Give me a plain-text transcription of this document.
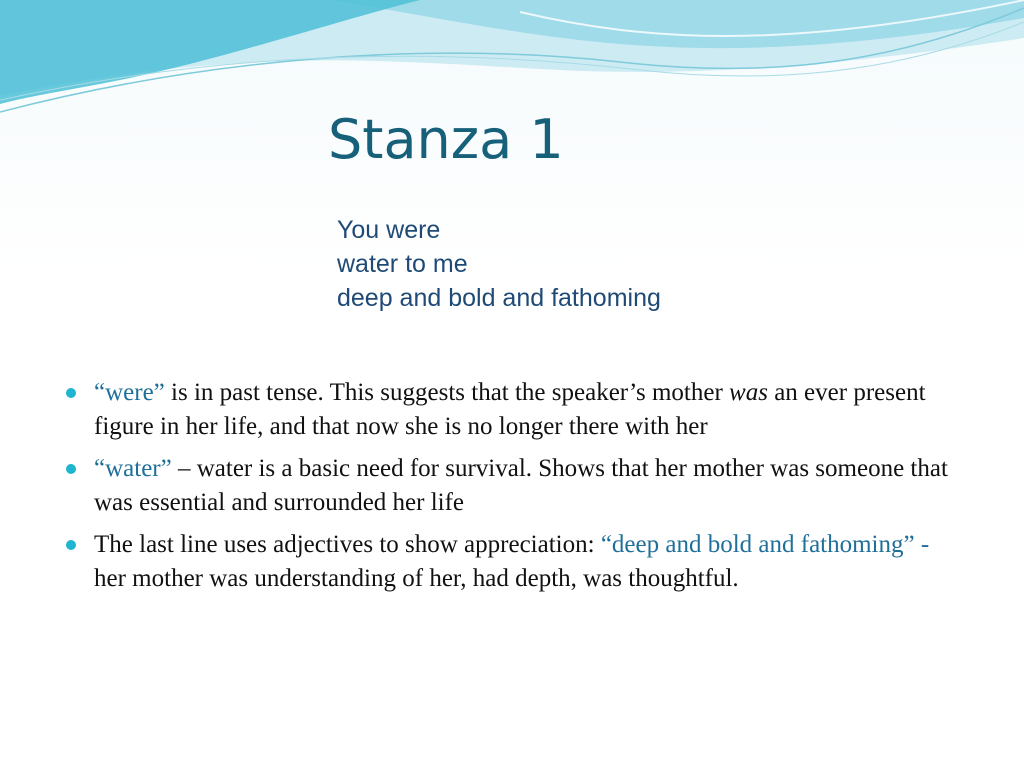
Stanza 1
You were
water to me
deep and bold and fathoming
“were” is in past tense. This suggests that the speaker’s mother was an ever present figure in her life, and that now she is no longer there with her
“water” – water is a basic need for survival. Shows that her mother was someone that was essential and surrounded her life
The last line uses adjectives to show appreciation: “deep and bold and fathoming” - her mother was understanding of her, had depth, was thoughtful.
